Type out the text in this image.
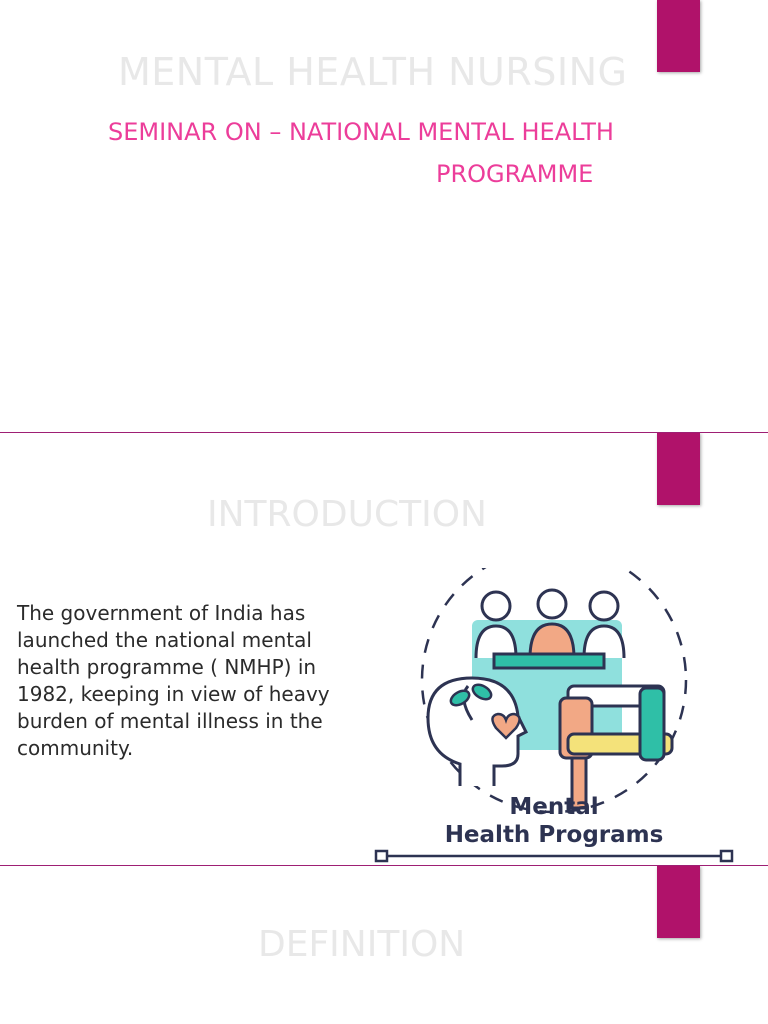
MENTAL HEALTH NURSING

SEMINAR ON – NATIONAL MENTAL HEALTH

PROGRAMME

INTRODUCTION

The government of India has launched the national mental health programme ( NMHP) in 1982, keeping in view of heavy burden of mental illness in the community.

Mental
Health Programs
DEFINITION
